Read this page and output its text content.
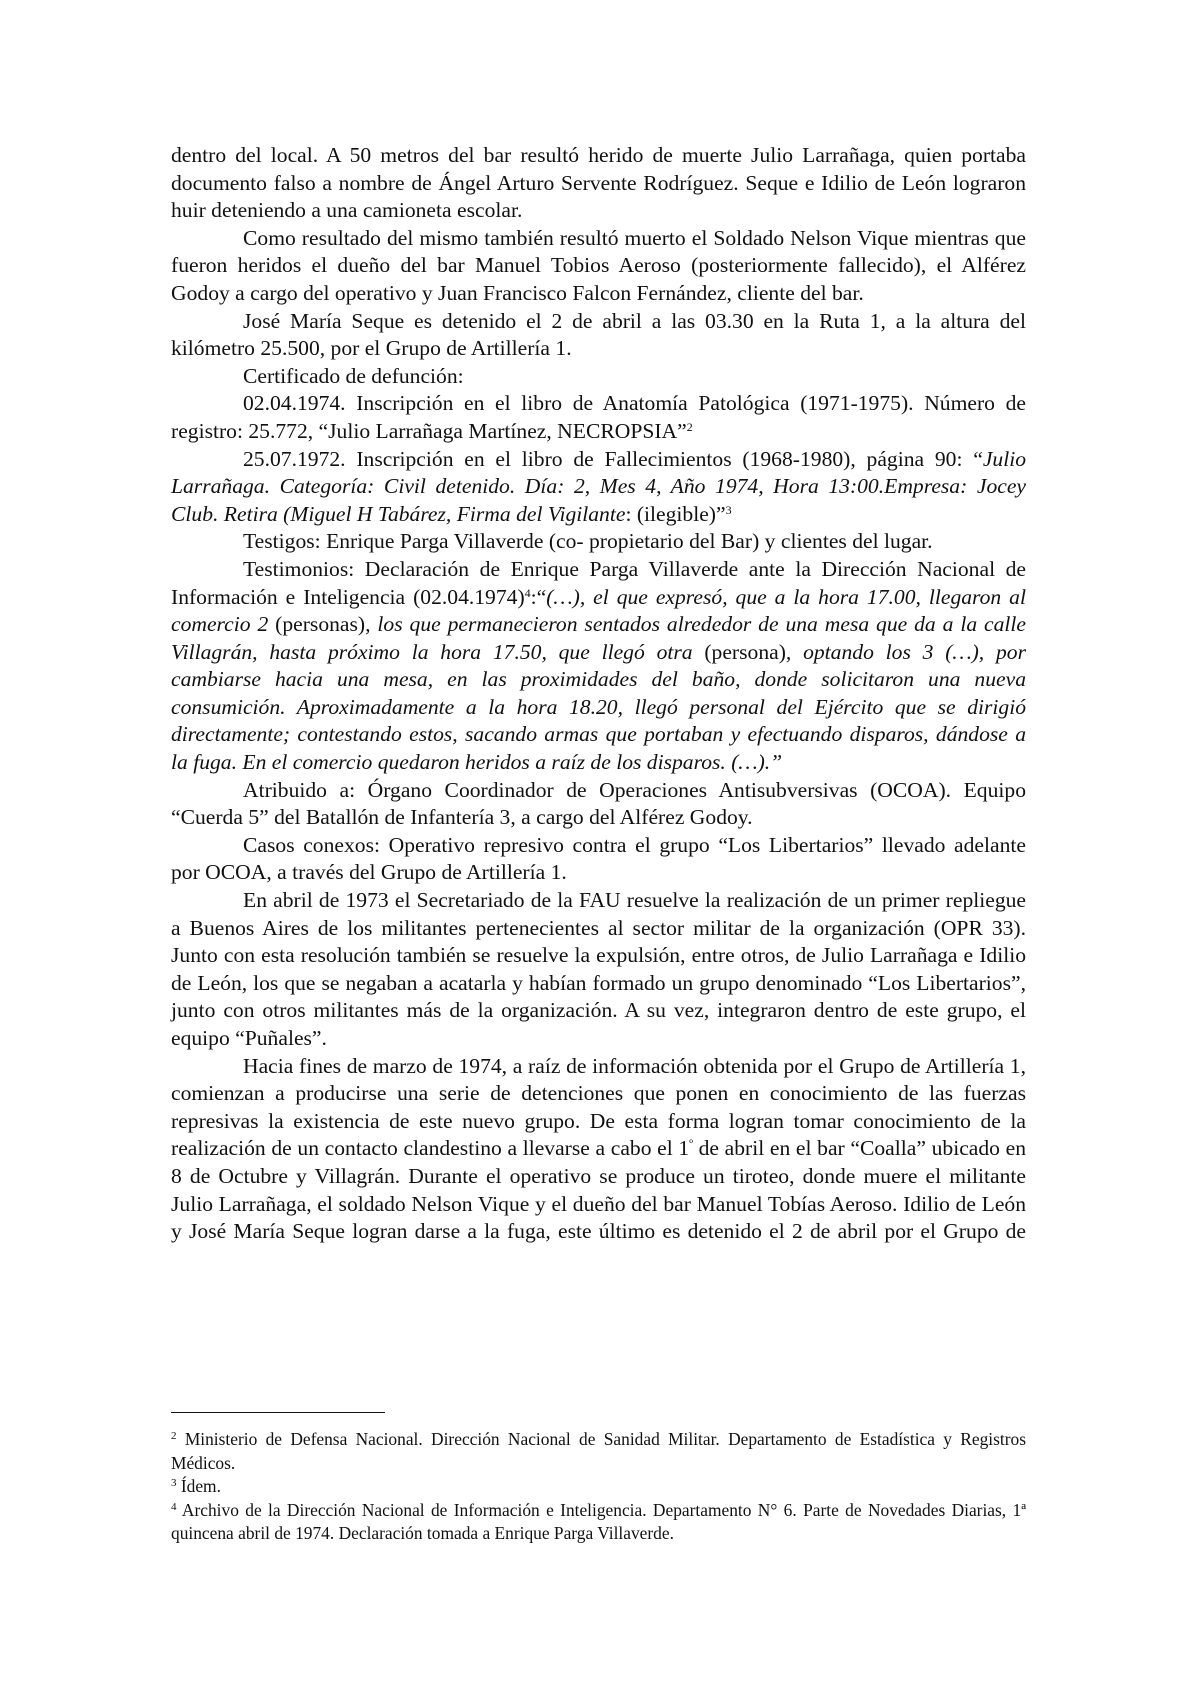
dentro del local. A 50 metros del bar resultó herido de muerte Julio Larrañaga, quien portaba documento falso a nombre de Ángel Arturo Servente Rodríguez. Seque e Idilio de León lograron huir deteniendo a una camioneta escolar.

Como resultado del mismo también resultó muerto el Soldado Nelson Vique mientras que fueron heridos el dueño del bar Manuel Tobios Aeroso (posteriormente fallecido), el Alférez Godoy a cargo del operativo y Juan Francisco Falcon Fernández, cliente del bar.

José María Seque es detenido el 2 de abril a las 03.30 en la Ruta 1, a la altura del kilómetro 25.500, por el Grupo de Artillería 1.

Certificado de defunción:

02.04.1974. Inscripción en el libro de Anatomía Patológica (1971-1975). Número de registro: 25.772, “Julio Larrañaga Martínez, NECROPSIA”$^2$

25.07.1972. Inscripción en el libro de Fallecimientos (1968-1980), página 90: “Julio Larrañaga. Categoría: Civil detenido. Día: 2, Mes 4, Año 1974, Hora 13:00.Empresa: Jocey Club. Retira (Miguel H Tabárez, Firma del Vigilante: (ilegible)”$^3$

Testigos: Enrique Parga Villaverde (co- propietario del Bar) y clientes del lugar.

Testimonios: Declaración de Enrique Parga Villaverde ante la Dirección Nacional de Información e Inteligencia $(02.04.1974)^4:“(\dots)$, el que expresó, que a la hora 17.00, llegaron al comercio 2 (personas), los que permanecieron sentados alrededor de una mesa que da a la calle Villagrán, hasta próximo la hora 17.50, que llegó otra (persona), optando los 3 (…), por cambiarse hacia una mesa, en las proximidades del baño, donde solicitaron una nueva consumición. Aproximadamente a la hora 18.20, llegó personal del Ejército que se dirigió directamente; contestando estos, sacando armas que portaban y efectuando disparos, dándose a la fuga. En el comercio quedaron heridos a raíz de los disparos. (…).”

Atribuido a: Órgano Coordinador de Operaciones Antisubversivas (OCOA). Equipo “Cuerda 5” del Batallón de Infantería 3, a cargo del Alférez Godoy.

Casos conexos: Operativo represivo contra el grupo “Los Libertarios” llevado adelante por OCOA, a través del Grupo de Artillería 1.

En abril de 1973 el Secretariado de la FAU resuelve la realización de un primer repliegue a Buenos Aires de los militantes pertenecientes al sector militar de la organización (OPR 33). Junto con esta resolución también se resuelve la expulsión, entre otros, de Julio Larrañaga e Idilio de León, los que se negaban a acatarla y habían formado un grupo denominado “Los Libertarios”, junto con otros militantes más de la organización. A su vez, integraron dentro de este grupo, el equipo “Puñales”.

Hacia fines de marzo de 1974, a raíz de información obtenida por el Grupo de Artillería 1, comienzan a producirse una serie de detenciones que ponen en conocimiento de las fuerzas represivas la existencia de este nuevo grupo. De esta forma logran tomar conocimiento de la realización de un contacto clandestino a llevarse a cabo el $1^º$ de abril en el bar “Coalla” ubicado en 8 de Octubre y Villagrán. Durante el operativo se produce un tiroteo, donde muere el militante Julio Larrañaga, el soldado Nelson Vique y el dueño del bar Manuel Tobías Aeroso. Idilio de León y José María Seque logran darse a la fuga, este último es detenido el 2 de abril por el Grupo de

$^2$ Ministerio de Defensa Nacional. Dirección Nacional de Sanidad Militar. Departamento de Estadística y Registros Médicos.

$^3$ Ídem.

$^4$ Archivo de la Dirección Nacional de Información e Inteligencia. Departamento N° 6. Parte de Novedades Diarias, 1ª quincena abril de 1974. Declaración tomada a Enrique Parga Villaverde.
